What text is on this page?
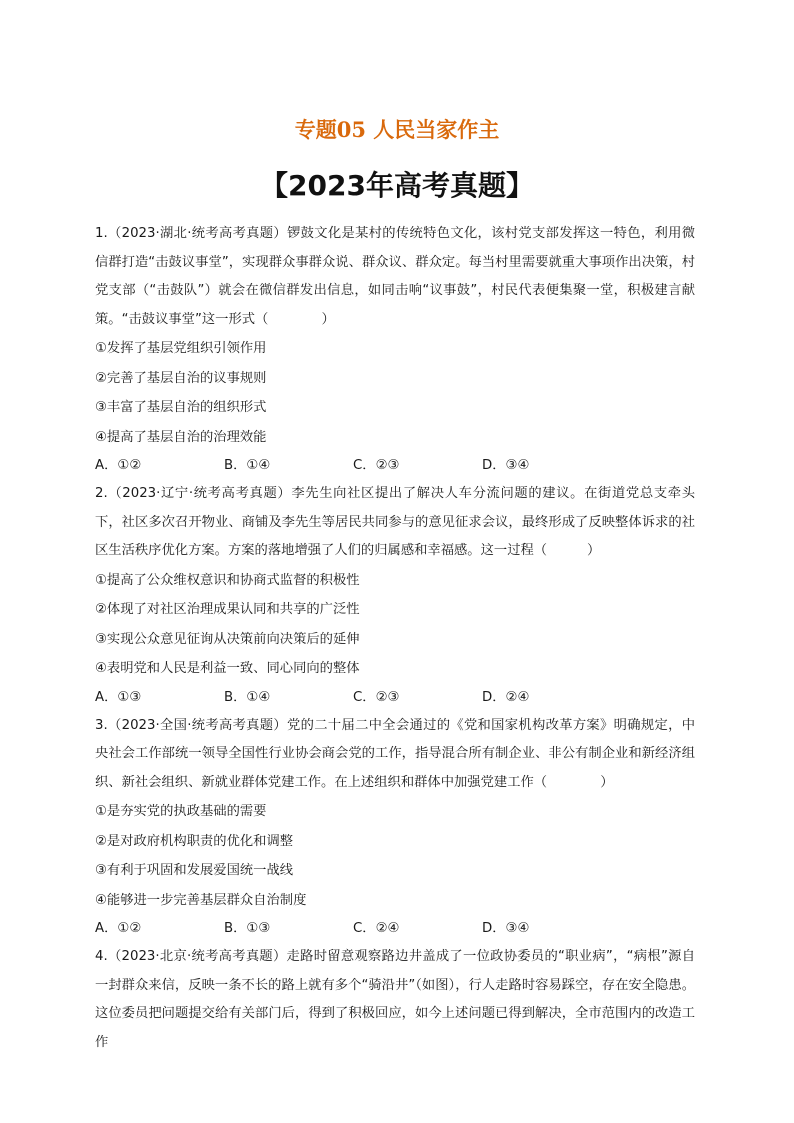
专题05 人民当家作主
【2023年高考真题】

1.（2023·湖北·统考高考真题）锣鼓文化是某村的传统特色文化，该村党支部发挥这一特色，利用微信群打造“击鼓议事堂”，实现群众事群众说、群众议、群众定。每当村里需要就重大事项作出决策，村党支部（“击鼓队”）就会在微信群发出信息，如同击响“议事鼓”，村民代表便集聚一堂，积极建言献策。“击鼓议事堂”这一形式（　　　　）

①发挥了基层党组织引领作用

②完善了基层自治的议事规则

③丰富了基层自治的组织形式

④提高了基层自治的治理效能

A．①②	B．①④	C．②③	D．③④

2.（2023·辽宁·统考高考真题）李先生向社区提出了解决人车分流问题的建议。在街道党总支牵头下，社区多次召开物业、商铺及李先生等居民共同参与的意见征求会议，最终形成了反映整体诉求的社区生活秩序优化方案。方案的落地增强了人们的归属感和幸福感。这一过程（　　　）

①提高了公众维权意识和协商式监督的积极性

②体现了对社区治理成果认同和共享的广泛性

③实现公众意见征询从决策前向决策后的延伸

④表明党和人民是利益一致、同心同向的整体

A．①③	B．①④	C．②③	D．②④

3.（2023·全国·统考高考真题）党的二十届二中全会通过的《党和国家机构改革方案》明确规定，中央社会工作部统一领导全国性行业协会商会党的工作，指导混合所有制企业、非公有制企业和新经济组织、新社会组织、新就业群体党建工作。在上述组织和群体中加强党建工作（　　　　）

①是夯实党的执政基础的需要

②是对政府机构职责的优化和调整

③有利于巩固和发展爱国统一战线

④能够进一步完善基层群众自治制度

A．①②	B．①③	C．②④	D．③④

4.（2023·北京·统考高考真题）走路时留意观察路边井盖成了一位政协委员的“职业病”，“病根”源自一封群众来信，反映一条不长的路上就有多个“骑沿井”（如图），行人走路时容易踩空，存在安全隐患。这位委员把问题提交给有关部门后，得到了积极回应，如今上述问题已得到解决，全市范围内的改造工作
